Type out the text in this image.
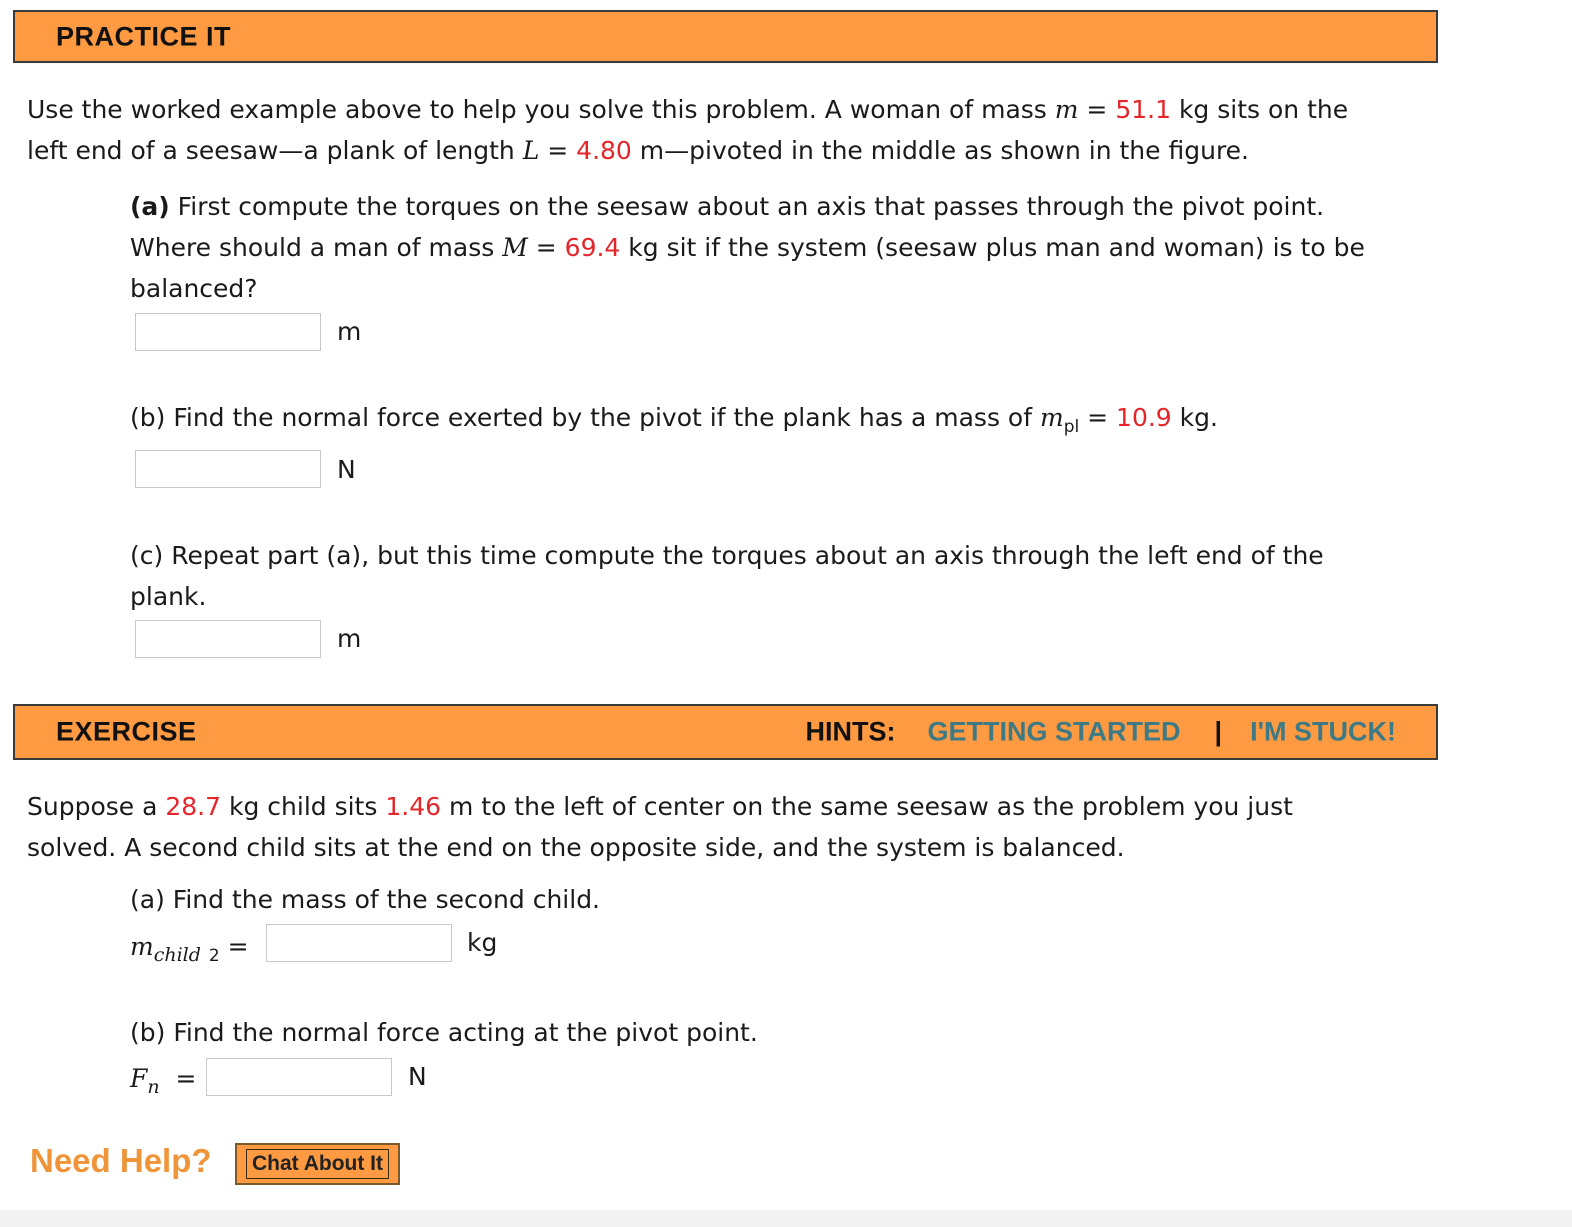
PRACTICE IT
Use the worked example above to help you solve this problem. A woman of mass m = 51.1 kg sits on the
left end of a seesaw—a plank of length L = 4.80 m—pivoted in the middle as shown in the figure.
(a) First compute the torques on the seesaw about an axis that passes through the pivot point.
Where should a man of mass M = 69.4 kg sit if the system (seesaw plus man and woman) is to be
balanced?
m
(b) Find the normal force exerted by the pivot if the plank has a mass of $m_{pl} = 10.9$ kg.
N
(c) Repeat part (a), but this time compute the torques about an axis through the left end of the
plank.
m
EXERCISE	HINTS: GETTING STARTED | I'M STUCK!
Suppose a 28.7 kg child sits 1.46 m to the left of center on the same seesaw as the problem you just
solved. A second child sits at the end on the opposite side, and the system is balanced.
(a) Find the mass of the second child.
$m_{child}$ $_2$ =	kg
(b) Find the normal force acting at the pivot point.
$F_n$ =	N
Need Help? Chat About It
